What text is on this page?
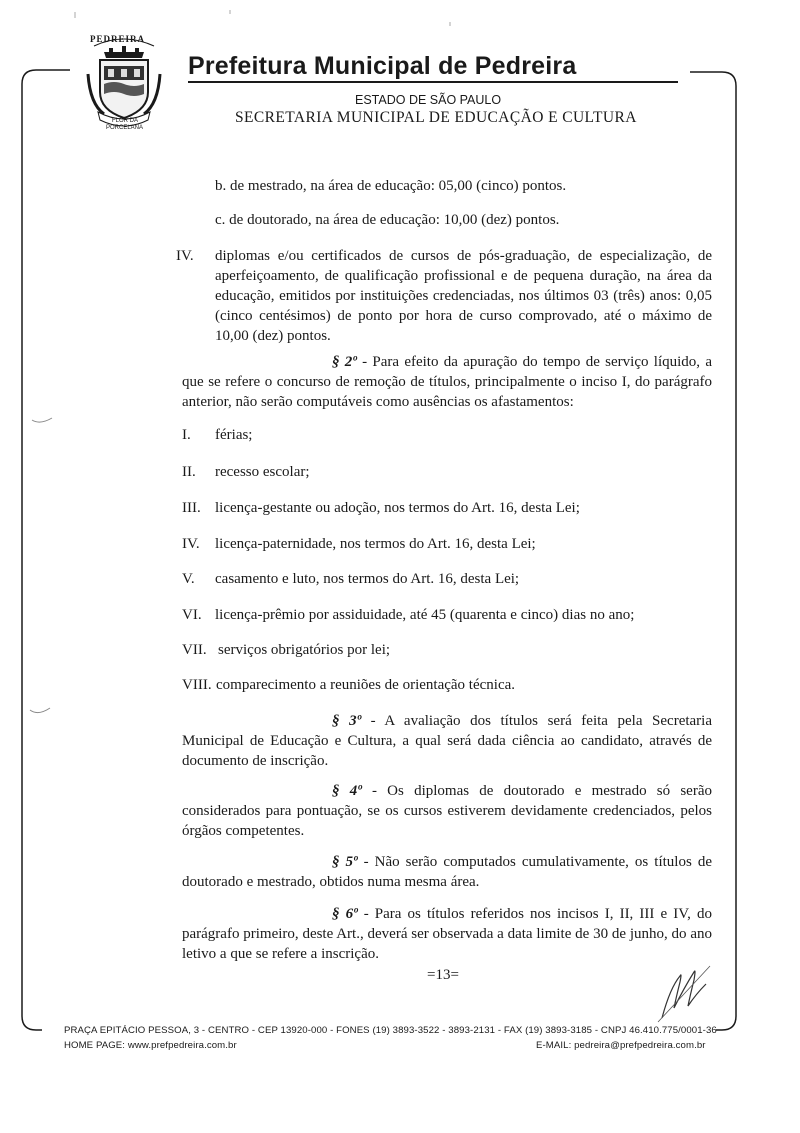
PEDREIRA
FLOR DA
PORCELANA
Prefeitura Municipal de Pedreira
ESTADO DE SÃO PAULO
SECRETARIA MUNICIPAL DE EDUCAÇÃO E CULTURA
b. de mestrado, na área de educação: 05,00 (cinco) pontos.
c. de doutorado, na área de educação: 10,00 (dez) pontos.
IV. diplomas e/ou certificados de cursos de pós-graduação, de especialização, de aperfeiçoamento, de qualificação profissional e de pequena duração, na área da educação, emitidos por instituições credenciadas, nos últimos 03 (três) anos: 0,05 (cinco centésimos) de ponto por hora de curso comprovado, até o máximo de 10,00 (dez) pontos.
§ 2º - Para efeito da apuração do tempo de serviço líquido, a que se refere o concurso de remoção de títulos, principalmente o inciso I, do parágrafo anterior, não serão computáveis como ausências os afastamentos:
I. férias;
II. recesso escolar;
III. licença-gestante ou adoção, nos termos do Art. 16, desta Lei;
IV. licença-paternidade, nos termos do Art. 16, desta Lei;
V. casamento e luto, nos termos do Art. 16, desta Lei;
VI. licença-prêmio por assiduidade, até 45 (quarenta e cinco) dias no ano;
VII. serviços obrigatórios por lei;
VIII. comparecimento a reuniões de orientação técnica.
§ 3º - A avaliação dos títulos será feita pela Secretaria Municipal de Educação e Cultura, a qual será dada ciência ao candidato, através de documento de inscrição.
§ 4º - Os diplomas de doutorado e mestrado só serão considerados para pontuação, se os cursos estiverem devidamente credenciados, pelos órgãos competentes.
§ 5º - Não serão computados cumulativamente, os títulos de doutorado e mestrado, obtidos numa mesma área.
§ 6º - Para os títulos referidos nos incisos I, II, III e IV, do parágrafo primeiro, deste Art., deverá ser observada a data limite de 30 de junho, do ano letivo a que se refere a inscrição.
=13=
PRAÇA EPITÁCIO PESSOA, 3 - CENTRO - CEP 13920-000 - FONES (19) 3893-3522 - 3893-2131 - FAX (19) 3893-3185 - CNPJ 46.410.775/0001-36
HOME PAGE: www.prefpedreira.com.br	E-MAIL: pedreira@prefpedreira.com.br
